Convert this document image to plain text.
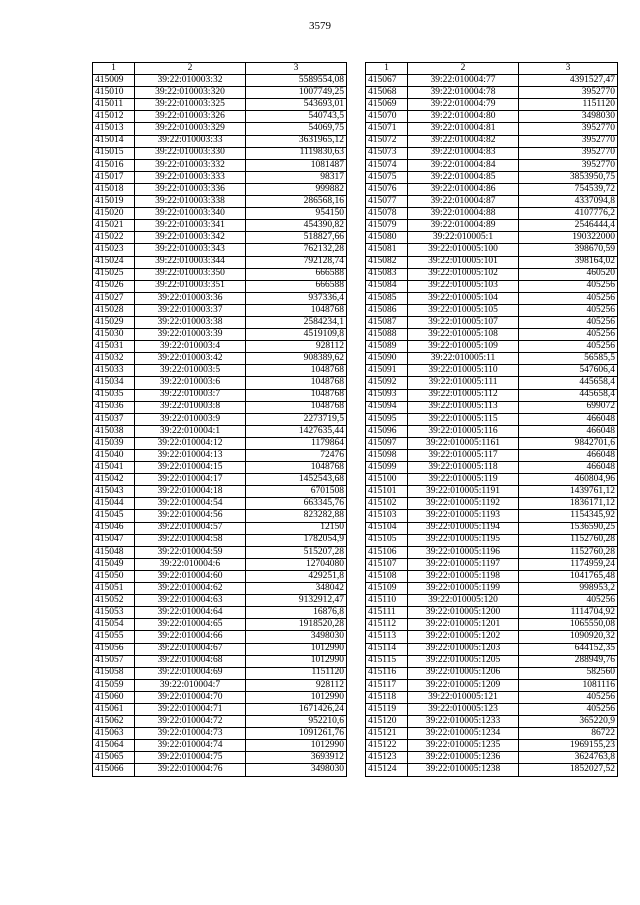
3579
1	2	3
415009	39:22:010003:32	5589554,08
415010	39:22:010003:320	1007749,25
415011	39:22:010003:325	543693,01
415012	39:22:010003:326	540743,5
415013	39:22:010003:329	54069,75
415014	39:22:010003:33	3631965,12
415015	39:22:010003:330	1119830,63
415016	39:22:010003:332	1081487
415017	39:22:010003:333	98317
415018	39:22:010003:336	999882
415019	39:22:010003:338	286568,16
415020	39:22:010003:340	954150
415021	39:22:010003:341	454390,82
415022	39:22:010003:342	518827,66
415023	39:22:010003:343	762132,28
415024	39:22:010003:344	792128,74
415025	39:22:010003:350	666588
415026	39:22:010003:351	666588
415027	39:22:010003:36	937336,4
415028	39:22:010003:37	1048768
415029	39:22:010003:38	2584234,1
415030	39:22:010003:39	4519109,8
415031	39:22:010003:4	928112
415032	39:22:010003:42	908389,62
415033	39:22:010003:5	1048768
415034	39:22:010003:6	1048768
415035	39:22:010003:7	1048768
415036	39:22:010003:8	1048768
415037	39:22:010003:9	2273719,5
415038	39:22:010004:1	1427635,44
415039	39:22:010004:12	1179864
415040	39:22:010004:13	72476
415041	39:22:010004:15	1048768
415042	39:22:010004:17	1452543,68
415043	39:22:010004:18	6701508
415044	39:22:010004:54	663345,76
415045	39:22:010004:56	823282,88
415046	39:22:010004:57	12150
415047	39:22:010004:58	1782054,9
415048	39:22:010004:59	515207,28
415049	39:22:010004:6	12704080
415050	39:22:010004:60	429251,8
415051	39:22:010004:62	348042
415052	39:22:010004:63	9132912,47
415053	39:22:010004:64	16876,8
415054	39:22:010004:65	1918520,28
415055	39:22:010004:66	3498030
415056	39:22:010004:67	1012990
415057	39:22:010004:68	1012990
415058	39:22:010004:69	1151120
415059	39:22:010004:7	928112
415060	39:22:010004:70	1012990
415061	39:22:010004:71	1671426,24
415062	39:22:010004:72	952210,6
415063	39:22:010004:73	1091261,76
415064	39:22:010004:74	1012990
415065	39:22:010004:75	3693912
415066	39:22:010004:76	3498030
1	2	3
415067	39:22:010004:77	4391527,47
415068	39:22:010004:78	3952770
415069	39:22:010004:79	1151120
415070	39:22:010004:80	3498030
415071	39:22:010004:81	3952770
415072	39:22:010004:82	3952770
415073	39:22:010004:83	3952770
415074	39:22:010004:84	3952770
415075	39:22:010004:85	3853950,75
415076	39:22:010004:86	754539,72
415077	39:22:010004:87	4337094,8
415078	39:22:010004:88	4107776,2
415079	39:22:010004:89	2546444,4
415080	39:22:010005:1	190322000
415081	39:22:010005:100	398670,59
415082	39:22:010005:101	398164,02
415083	39:22:010005:102	460520
415084	39:22:010005:103	405256
415085	39:22:010005:104	405256
415086	39:22:010005:105	405256
415087	39:22:010005:107	405256
415088	39:22:010005:108	405256
415089	39:22:010005:109	405256
415090	39:22:010005:11	56585,5
415091	39:22:010005:110	547606,4
415092	39:22:010005:111	445658,4
415093	39:22:010005:112	445658,4
415094	39:22:010005:113	699072
415095	39:22:010005:115	466048
415096	39:22:010005:116	466048
415097	39:22:010005:1161	9842701,6
415098	39:22:010005:117	466048
415099	39:22:010005:118	466048
415100	39:22:010005:119	460804,96
415101	39:22:010005:1191	1439761,12
415102	39:22:010005:1192	1836171,12
415103	39:22:010005:1193	1154345,92
415104	39:22:010005:1194	1536590,25
415105	39:22:010005:1195	1152760,28
415106	39:22:010005:1196	1152760,28
415107	39:22:010005:1197	1174959,24
415108	39:22:010005:1198	1041765,48
415109	39:22:010005:1199	998953,2
415110	39:22:010005:120	405256
415111	39:22:010005:1200	1114704,92
415112	39:22:010005:1201	1065550,08
415113	39:22:010005:1202	1090920,32
415114	39:22:010005:1203	644152,35
415115	39:22:010005:1205	288949,76
415116	39:22:010005:1206	582560
415117	39:22:010005:1209	1081116
415118	39:22:010005:121	405256
415119	39:22:010005:123	405256
415120	39:22:010005:1233	365220,9
415121	39:22:010005:1234	86722
415122	39:22:010005:1235	1969155,23
415123	39:22:010005:1236	3624763,8
415124	39:22:010005:1238	1852027,52
